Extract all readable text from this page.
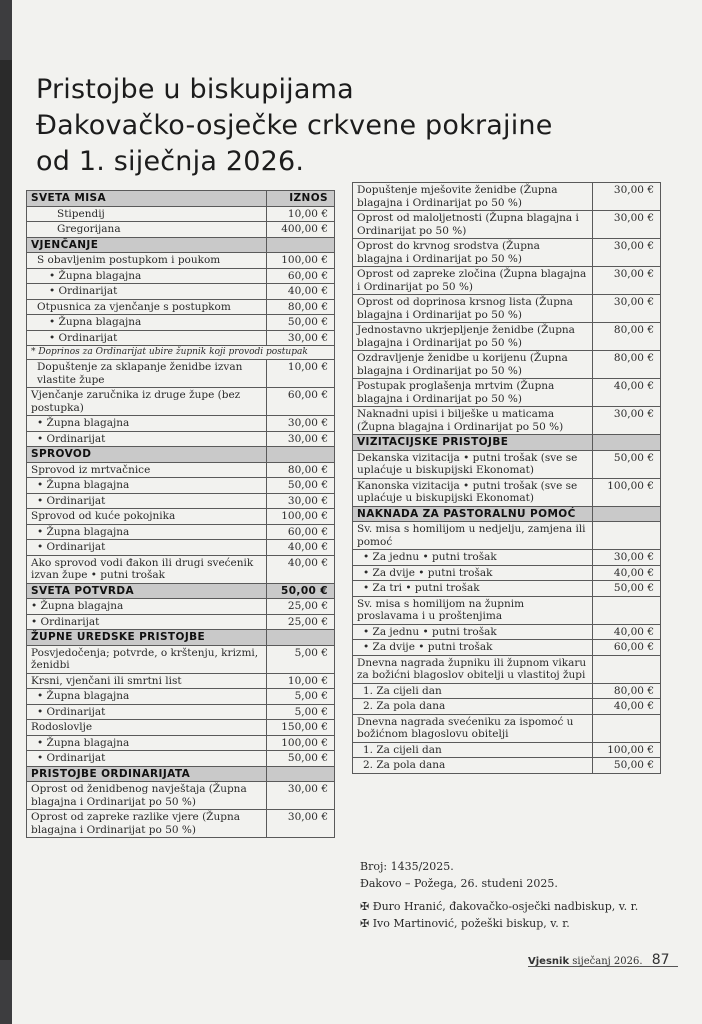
Pristojbe u biskupijama
Đakovačko-osječke crkvene pokrajine
od 1. siječnja 2026.
SVETA MISA	IZNOS
Stipendij	10,00 €
Gregorijana	400,00 €
VJENČANJE	
S obavljenim postupkom i poukom	100,00 €
• Župna blagajna	60,00 €
• Ordinarijat	40,00 €
Otpusnica za vjenčanje s postupkom	80,00 €
• Župna blagajna	50,00 €
• Ordinarijat	30,00 €
* Doprinos za Ordinarijat ubire župnik koji provodi postupak	
Dopuštenje za sklapanje ženidbe izvan vlastite župe	10,00 €
Vjenčanje zaručnika iz druge župe (bez postupka)	60,00 €
• Župna blagajna	30,00 €
• Ordinarijat	30,00 €
SPROVOD	
Sprovod iz mrtvačnice	80,00 €
• Župna blagajna	50,00 €
• Ordinarijat	30,00 €
Sprovod od kuće pokojnika	100,00 €
• Župna blagajna	60,00 €
• Ordinarijat	40,00 €
Ako sprovod vodi đakon ili drugi svećenik izvan župe • putni trošak	40,00 €
SVETA POTVRDA	50,00 €
• Župna blagajna	25,00 €
• Ordinarijat	25,00 €
ŽUPNE UREDSKE PRISTOJBE	
Posvjedočenja; potvrde, o krštenju, krizmi, ženidbi	5,00 €
Krsni, vjenčani ili smrtni list	10,00 €
• Župna blagajna	5,00 €
• Ordinarijat	5,00 €
Rodoslovlje	150,00 €
• Župna blagajna	100,00 €
• Ordinarijat	50,00 €
PRISTOJBE ORDINARIJATA	
Oprost od ženidbenog navještaja (Župna blagajna i Ordinarijat po 50 %)	30,00 €
Oprost od zapreke razlike vjere (Župna blagajna i Ordinarijat po 50 %)	30,00 €
Dopuštenje mješovite ženidbe (Župna blagajna i Ordinarijat po 50 %)	30,00 €
Oprost od maloljetnosti (Župna blagajna i Ordinarijat po 50 %)	30,00 €
Oprost do krvnog srodstva (Župna blagajna i Ordinarijat po 50 %)	30,00 €
Oprost od zapreke zločina (Župna blagajna i Ordinarijat po 50 %)	30,00 €
Oprost od doprinosa krsnog lista (Župna blagajna i Ordinarijat po 50 %)	30,00 €
Jednostavno ukrjepljenje ženidbe (Župna blagajna i Ordinarijat po 50 %)	80,00 €
Ozdravljenje ženidbe u korijenu (Župna blagajna i Ordinarijat po 50 %)	80,00 €
Postupak proglašenja mrtvim (Župna blagajna i Ordinarijat po 50 %)	40,00 €
Naknadni upisi i bilješke u maticama (Župna blagajna i Ordinarijat po 50 %)	30,00 €
VIZITACIJSKE PRISTOJBE	
Dekanska vizitacija • putni trošak (sve se uplaćuje u biskupijski Ekonomat)	50,00 €
Kanonska vizitacija • putni trošak (sve se uplaćuje u biskupijski Ekonomat)	100,00 €
NAKNADA ZA PASTORALNU POMOĆ	
Sv. misa s homilijom u nedjelju, zamjena ili pomoć	
• Za jednu • putni trošak	30,00 €
• Za dvije • putni trošak	40,00 €
• Za tri • putni trošak	50,00 €
Sv. misa s homilijom na župnim proslavama i u proštenjima	
• Za jednu • putni trošak	40,00 €
• Za dvije • putni trošak	60,00 €
Dnevna nagrada župniku ili župnom vikaru za božićni blagoslov obitelji u vlastitoj župi	
1. Za cijeli dan	80,00 €
2. Za pola dana	40,00 €
Dnevna nagrada svećeniku za ispomoć u božićnom blagoslovu obitelji	
1. Za cijeli dan	100,00 €
2. Za pola dana	50,00 €
Broj: 1435/2025.
Đakovo – Požega, 26. studeni 2025.
✠ Đuro Hranić, đakovačko-osječki nadbiskup, v. r.
✠ Ivo Martinović, požeški biskup, v. r.
Vjesnik siječanj 2026. 87
